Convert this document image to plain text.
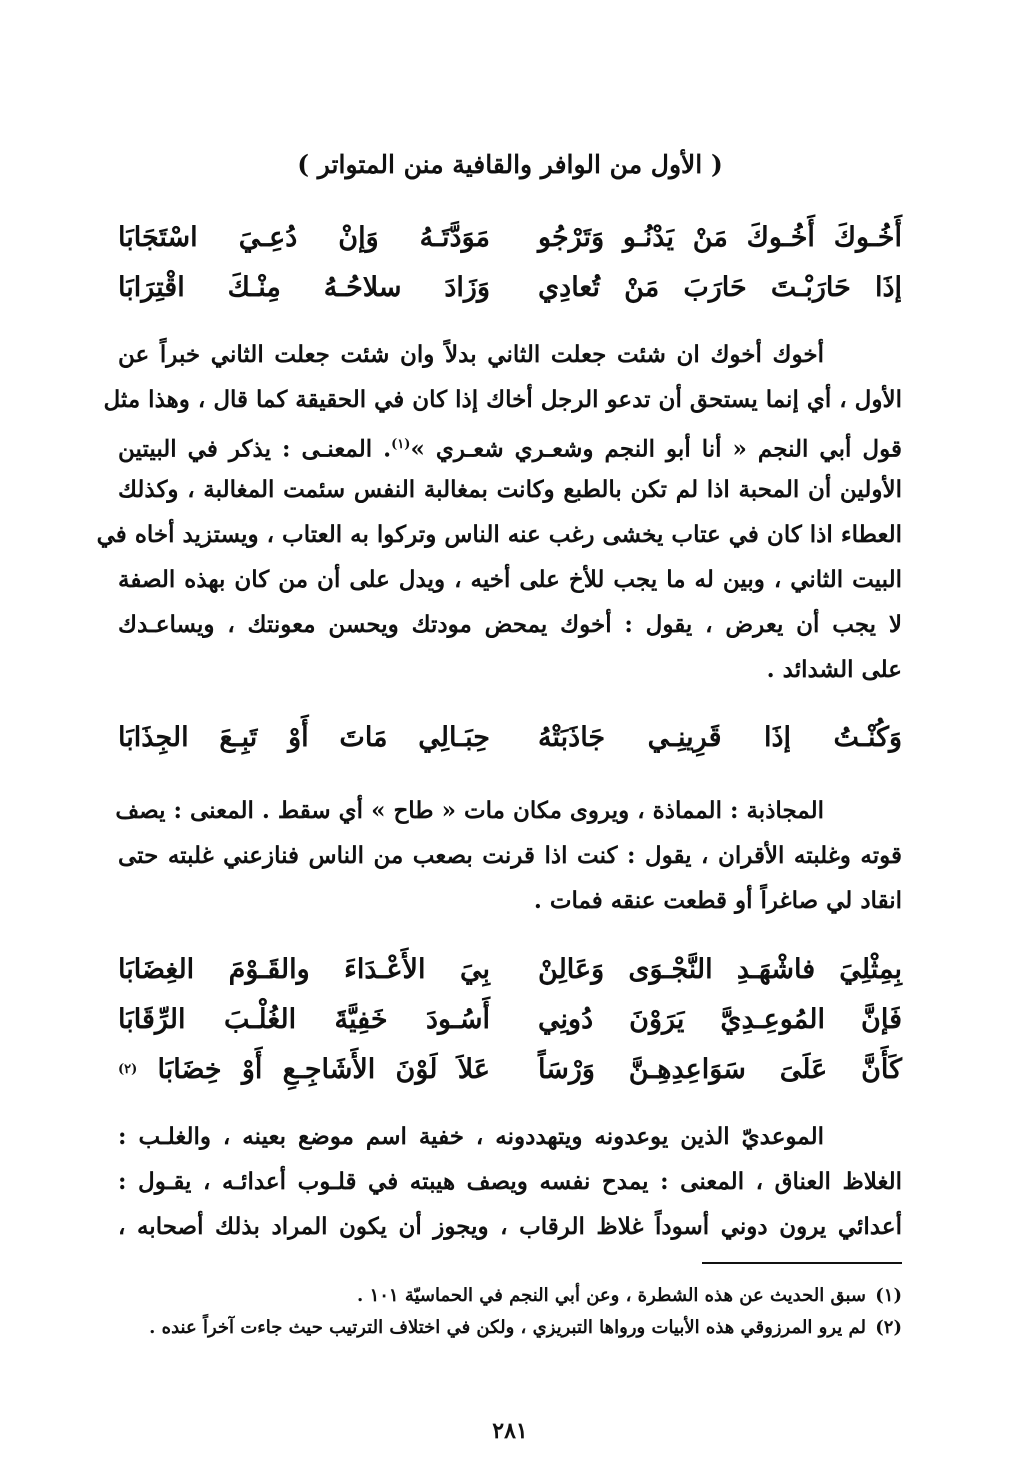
( الأول من الوافر والقافية منن المتواتر )
أَخُـوكَ
أَخُـوكَ
مَنْ
يَدْنُـو
وَتَرْجُو
مَوَدَّتَـهُ
وَإنْ
دُعِـيَ
اسْتَجَابَا
إذَا
حَارَبْـتَ
حَارَبَ
مَنْ
تُعادِي
وَزَادَ
سلاحُـهُ
مِنْـكَ
اقْتِرَابَا
أخوك أخوك ان شئت جعلت الثاني بدلاً وان شئت جعلت الثاني خبراً عن
الأول ، أي إنما يستحق أن تدعو الرجل أخاك إذا كان في الحقيقة كما قال ، وهذا مثل
قول أبي النجم « أنا أبو النجم وشعـري شعـري »$^{(١)}$. المعنـى : يذكر في البيتين
الأولين أن المحبة اذا لم تكن بالطبع وكانت بمغالبة النفس سئمت المغالبة ، وكذلك
العطاء اذا كان في عتاب يخشى رغب عنه الناس وتركوا به العتاب ، ويستزيد أخاه في
البيت الثاني ، وبين له ما يجب للأخ على أخيه ، ويدل على أن من كان بهذه الصفة
لا يجب أن يعرض ، يقول : أخوك يمحض مودتك ويحسن معونتك ، ويساعـدك
على الشدائد .
وَكُنْـتُ
إذَا
قَرِينِـي
جَاذَبَتْهُ
حِبَـالِي
مَاتَ
أَوْ
تَبِـعَ
الجِذَابَا
المجاذبة : المماذة ، ويروى مكان مات « طاح » أي سقط . المعنى : يصف
قوته وغلبته الأقران ، يقول : كنت اذا قرنت بصعب من الناس فنازعني غلبته حتى
انقاد لي صاغراً أو قطعت عنقه فمات .
بِمِثْلِيَ
فاشْهَـدِ
النَّجْـوَى
وَعَالِنْ
بِيَ
الأَعْـدَاءَ
والقَـوْمَ
الغِضَابَا
فَإنَّ
المُوعِـدِيَّ
يَرَوْنَ
دُونِي
أَسُـودَ
خَفِيَّةَ
الغُلْـبَ
الرِّقَابَا
كَأَنَّ
عَلَىَ
سَوَاعِدِهِـنَّ
وَرْسَاً
عَلاَ
لَوْنَ
الأَشَاجِـعِ
أَوْ
خِضَابَا
(٢)
الموعديّ الذين يوعدونه ويتهددونه ، خفية اسم موضع بعينه ، والغلـب :
الغلاظ العناق ، المعنى : يمدح نفسه ويصف هيبته في قلـوب أعدائـه ، يقـول :
أعدائي يرون دوني أسوداً غلاظ الرقاب ، ويجوز أن يكون المراد بذلك أصحابه ،
(١)
سبق الحديث عن هذه الشطرة ، وعن أبي النجم في الحماسيّة ١٠١ .
(٢)
لم يرو المرزوقي هذه الأبيات ورواها التبريزي ، ولكن في اختلاف الترتيب حيث جاءت آخراً عنده .
٢٨١
